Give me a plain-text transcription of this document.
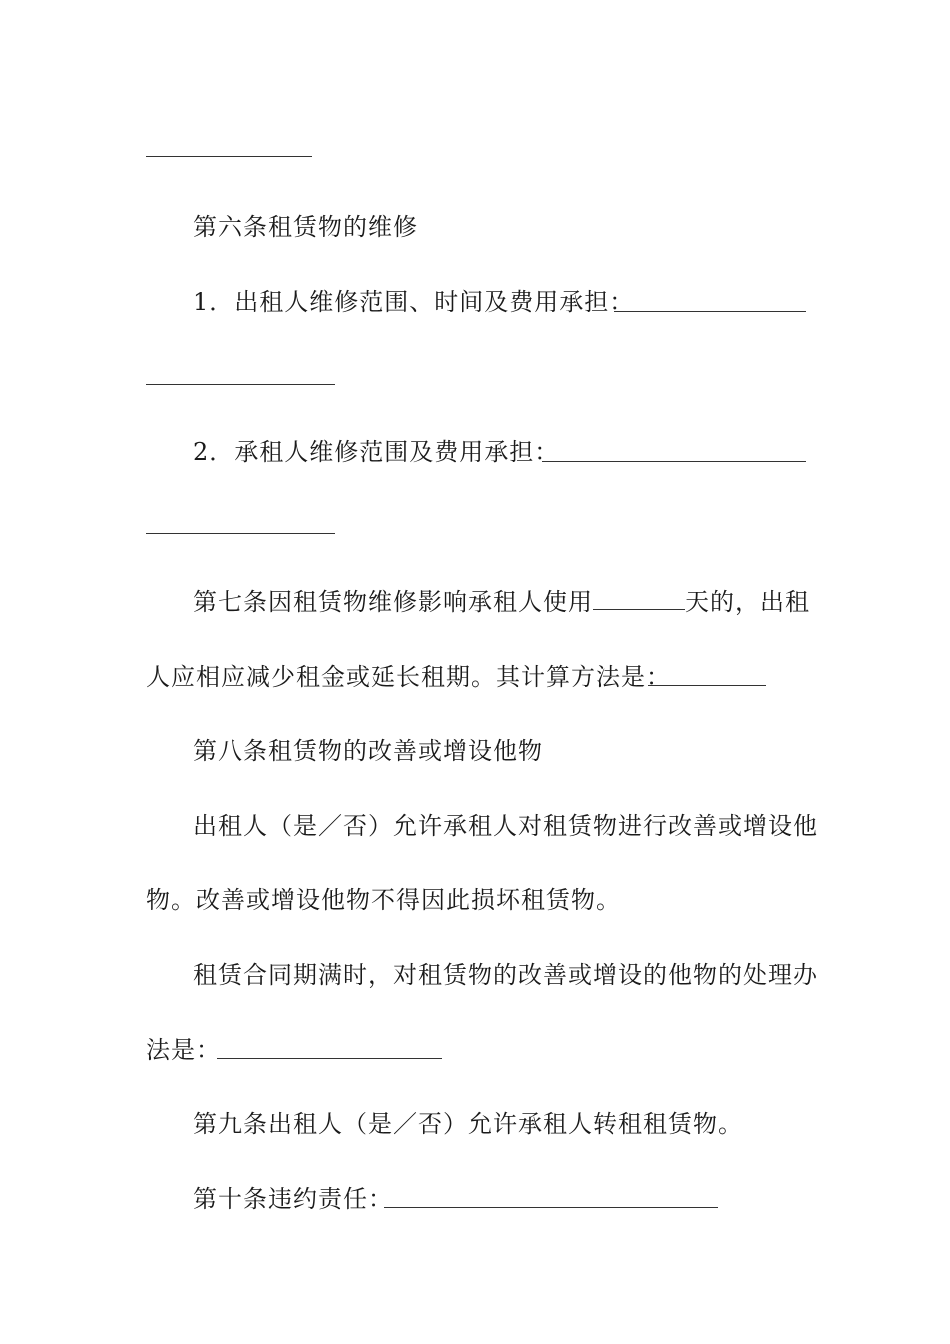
第六条租赁物的维修
1．出租人维修范围、时间及费用承担：
2．承租人维修范围及费用承担：
第七条因租赁物维修影响承租人使用	天的，出租
人应相应减少租金或延长租期。其计算方法是：
第八条租赁物的改善或增设他物
出租人（是／否）允许承租人对租赁物进行改善或增设他
物。改善或增设他物不得因此损坏租赁物。
租赁合同期满时，对租赁物的改善或增设的他物的处理办
法是：
第九条出租人（是／否）允许承租人转租租赁物。
第十条违约责任：
